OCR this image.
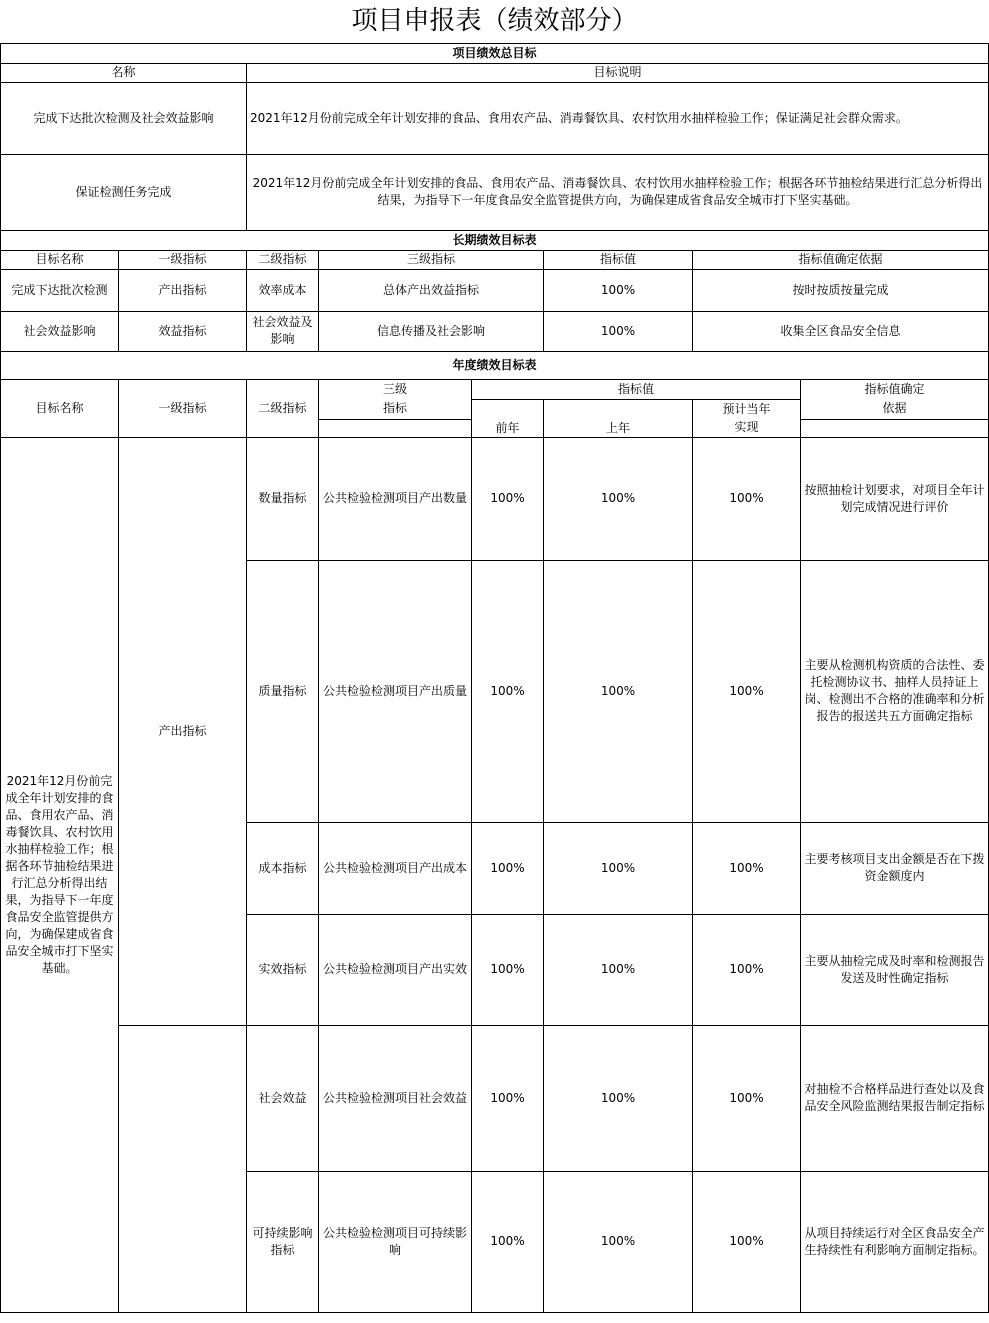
项目申报表（绩效部分）							
项目绩效总目标							
名称		目标说明					
完成下达批次检测及社会效益影响		2021年12月份前完成全年计划安排的食品、食用农产品、消毒餐饮具、农村饮用水抽样检验工作；保证满足社会群众需求。					
保证检测任务完成		2021年12月份前完成全年计划安排的食品、食用农产品、消毒餐饮具、农村饮用水抽样检验工作；根据各环节抽检结果进行汇总分析得出结果，为指导下一年度食品安全监管提供方向，为确保建成省食品安全城市打下坚实基础。					
长期绩效目标表							
目标名称	一级指标	二级指标	三级指标		指标值	指标值确定依据	
完成下达批次检测	产出指标	效率成本	总体产出效益指标		100%	按时按质按量完成	
社会效益影响	效益指标	社会效益及影响	信息传播及社会影响		100%	收集全区食品安全信息	
年度绩效目标表							
目标名称	一级指标	二级指标	三级	指标值			指标值确定
			指标	前年	上年	预计当年	依据
						实现	
2021年12月份前完成全年计划安排的食品、食用农产品、消毒餐饮具、农村饮用水抽样检验工作；根据各环节抽检结果进行汇总分析得出结果，为指导下一年度食品安全监管提供方向，为确保建成省食品安全城市打下坚实基础。	产出指标	数量指标	公共检验检测项目产出数量	100%	100%	100%	按照抽检计划要求，对项目全年计划完成情况进行评价
		质量指标	公共检验检测项目产出质量	100%	100%	100%	主要从检测机构资质的合法性、委托检测协议书、抽样人员持证上岗、检测出不合格的准确率和分析报告的报送共五方面确定指标
		成本指标	公共检验检测项目产出成本	100%	100%	100%	主要考核项目支出金额是否在下拨资金额度内
		实效指标	公共检验检测项目产出实效	100%	100%	100%	主要从抽检完成及时率和检测报告发送及时性确定指标
		社会效益	公共检验检测项目社会效益	100%	100%	100%	对抽检不合格样品进行查处以及食品安全风险监测结果报告制定指标
		可持续影响指标	公共检验检测项目可持续影响	100%	100%	100%	从项目持续运行对全区食品安全产生持续性有利影响方面制定指标。
